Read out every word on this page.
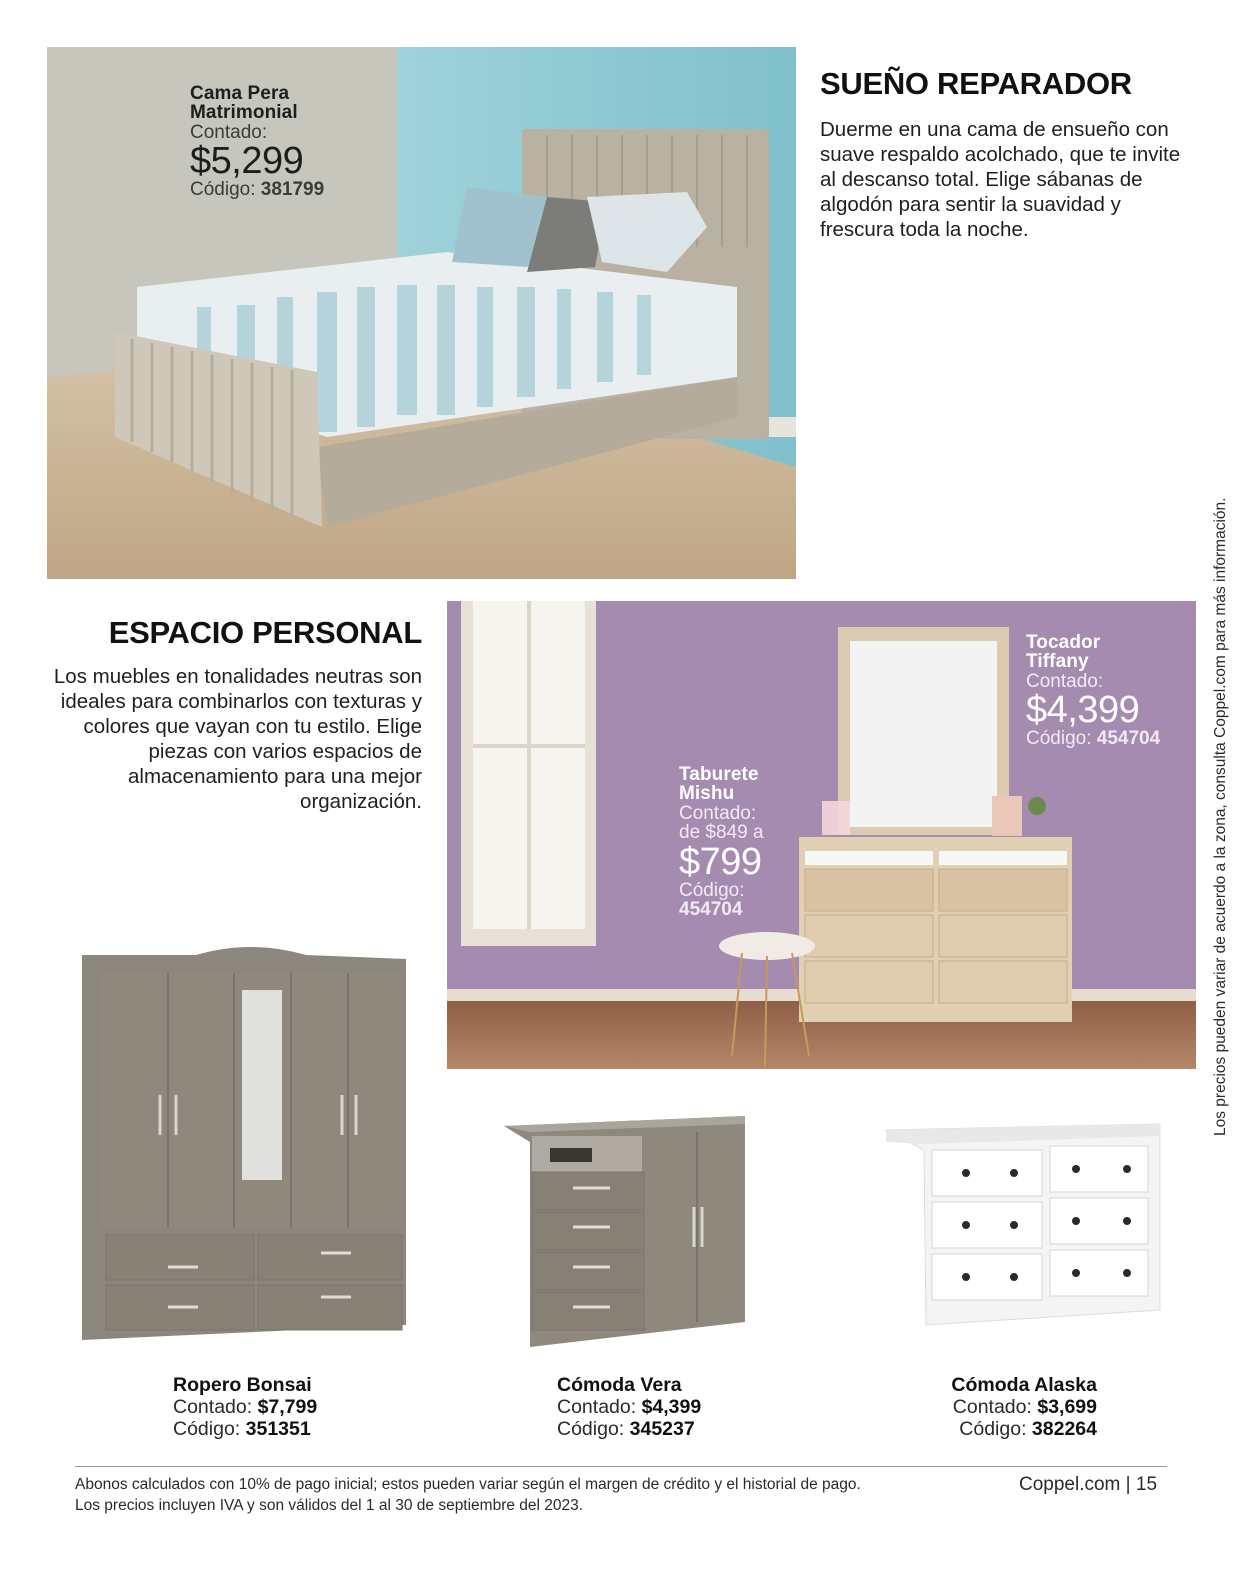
Cama Pera
Matrimonial
Contado:
$5,299
Código: 381799
SUEÑO REPARADOR
Duerme en una cama de ensueño con suave respaldo acolchado, que te invite al descanso total. Elige sábanas de algodón para sentir la suavidad y frescura toda la noche.
ESPACIO PERSONAL
Los muebles en tonalidades neutras son ideales para combinarlos con texturas y colores que vayan con tu estilo. Elige piezas con varios espacios de almacenamiento para una mejor organización.
Taburete
Mishu
Contado:
de $849 a
$799
Código:
454704
Tocador
Tiffany
Contado:
$4,399
Código: 454704
Ropero Bonsai
Contado: $7,799
Código: 351351
Cómoda Vera
Contado: $4,399
Código: 345237
Cómoda Alaska
Contado: $3,699
Código: 382264
Los precios pueden variar de acuerdo a la zona, consulta Coppel.com para más información.
Abonos calculados con 10% de pago inicial; estos pueden variar según el margen de crédito y el historial de pago.
Los precios incluyen IVA y son válidos del 1 al 30 de septiembre del 2023.
Coppel.com | 15
